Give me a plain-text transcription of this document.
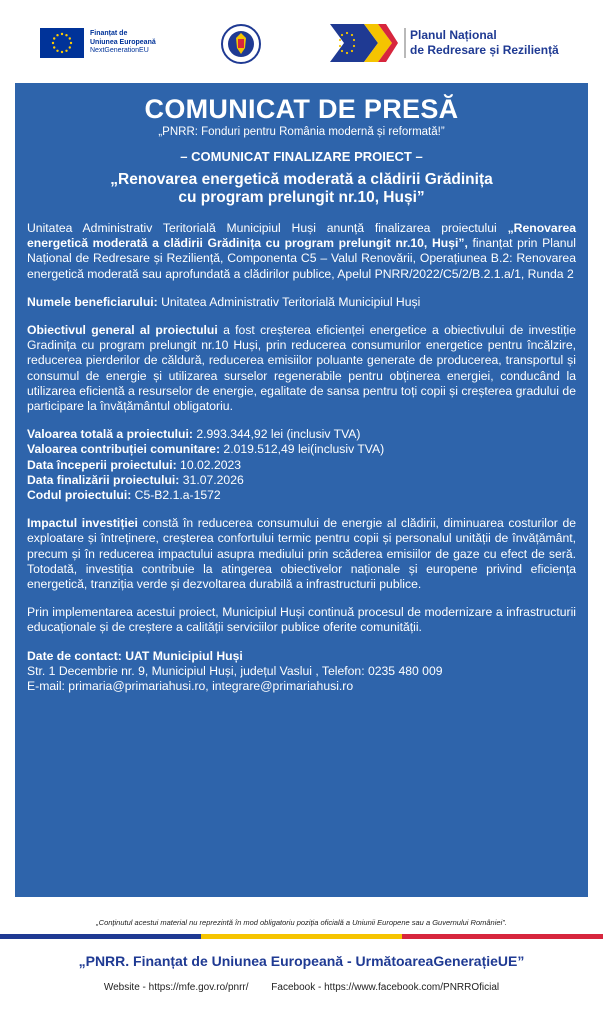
Finanțat de
Uniunea Europeană
NextGenerationEU
Planul Național
de Redresare și Reziliență
COMUNICAT DE PRESĂ
„PNRR: Fonduri pentru România modernă și reformată!”
– COMUNICAT FINALIZARE PROIECT –
„Renovarea energetică moderată a clădirii Grădinița
cu program prelungit nr.10, Huși”

Unitatea Administrativ Teritorială Municipiul Huși anunță finalizarea proiectului „Renovarea energetică moderată a clădirii Grădinița cu program prelungit nr.10, Huși”, finanțat prin Planul Național de Redresare și Reziliență, Componenta C5 – Valul Renovării, Operațiunea B.2: Renovarea energetică moderată sau aprofundată a clădirilor publice, Apelul PNRR/2022/C5/2/B.2.1.a/1, Runda 2

Numele beneficiarului: Unitatea Administrativ Teritorială Municipiul Huși

Obiectivul general al proiectului a fost creșterea eficienței energetice a obiectivului de investiție Gradinița cu program prelungit nr.10 Huși, prin reducerea consumurilor energetice pentru încălzire, reducerea pierderilor de căldură, reducerea emisiilor poluante generate de producerea, transportul și consumul de energie și utilizarea surselor regenerabile pentru obținerea energiei, conducând la utilizarea eficientă a resurselor de energie, egalitate de sansa pentru toți copii și creșterea gradului de participare la învățământul obligatoriu.

Valoarea totală a proiectului: 2.993.344,92 lei (inclusiv TVA)

Valoarea contribuției comunitare: 2.019.512,49 lei(inclusiv TVA)

Data începerii proiectului: 10.02.2023

Data finalizării proiectului: 31.07.2026

Codul proiectului: C5-B2.1.a-1572

Impactul investiției constă în reducerea consumului de energie al clădirii, diminuarea costurilor de exploatare și întreținere, creșterea confortului termic pentru copii și personalul unității de învățământ, precum și în reducerea impactului asupra mediului prin scăderea emisiilor de gaze cu efect de seră. Totodată, investiția contribuie la atingerea obiectivelor naționale și europene privind eficiența energetică, tranziția verde și dezvoltarea durabilă a infrastructurii publice.

Prin implementarea acestui proiect, Municipiul Huși continuă procesul de modernizare a infrastructurii educaționale și de creștere a calității serviciilor publice oferite comunității.

Date de contact: UAT Municipiul Huși

Str. 1 Decembrie nr. 9, Municipiul Huși, județul Vaslui , Telefon: 0235 480 009

E-mail: primaria@primariahusi.ro, integrare@primariahusi.ro

„Conținutul acestui material nu reprezintă în mod obligatoriu poziția oficială a Uniunii Europene sau a Guvernului României”.
„PNRR. Finanțat de Uniunea Europeană - UrmătoareaGenerațieUE”
Website - https://mfe.gov.ro/pnrr/ Facebook - https://www.facebook.com/PNRROficial
